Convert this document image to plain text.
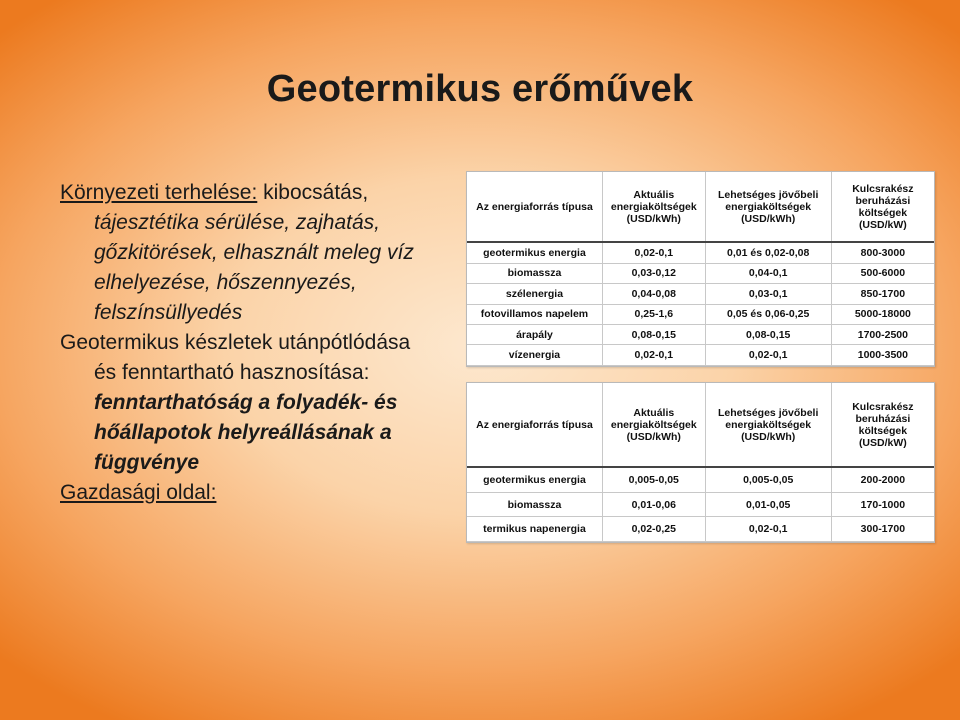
Geotermikus erőművek
Környezeti terhelése: kibocsátás,
tájesztétika sérülése, zajhatás,
gőzkitörések, elhasznált meleg víz
elhelyezése, hőszennyezés,
felszínsüllyedés
Geotermikus készletek utánpótlódása
és fenntartható hasznosítása:
fenntarthatóság a folyadék- és
hőállapotok helyreállásának a
függvénye
Gazdasági oldal:
Az energiaforrás típusa	Aktuális energiaköltségek (USD/kWh)	Lehetséges jövőbeli energiaköltségek (USD/kWh)	Kulcsrakész beruházási költségek (USD/kW)
geotermikus energia	0,02-0,1	0,01 és 0,02-0,08	800-3000
biomassza	0,03-0,12	0,04-0,1	500-6000
szélenergia	0,04-0,08	0,03-0,1	850-1700
fotovillamos napelem	0,25-1,6	0,05 és 0,06-0,25	5000-18000
árapály	0,08-0,15	0,08-0,15	1700-2500
vízenergia	0,02-0,1	0,02-0,1	1000-3500
Az energiaforrás típusa	Aktuális energiaköltségek (USD/kWh)	Lehetséges jövőbeli energiaköltségek (USD/kWh)	Kulcsrakész beruházási költségek (USD/kW)
geotermikus energia	0,005-0,05	0,005-0,05	200-2000
biomassza	0,01-0,06	0,01-0,05	170-1000
termikus napenergia	0,02-0,25	0,02-0,1	300-1700
